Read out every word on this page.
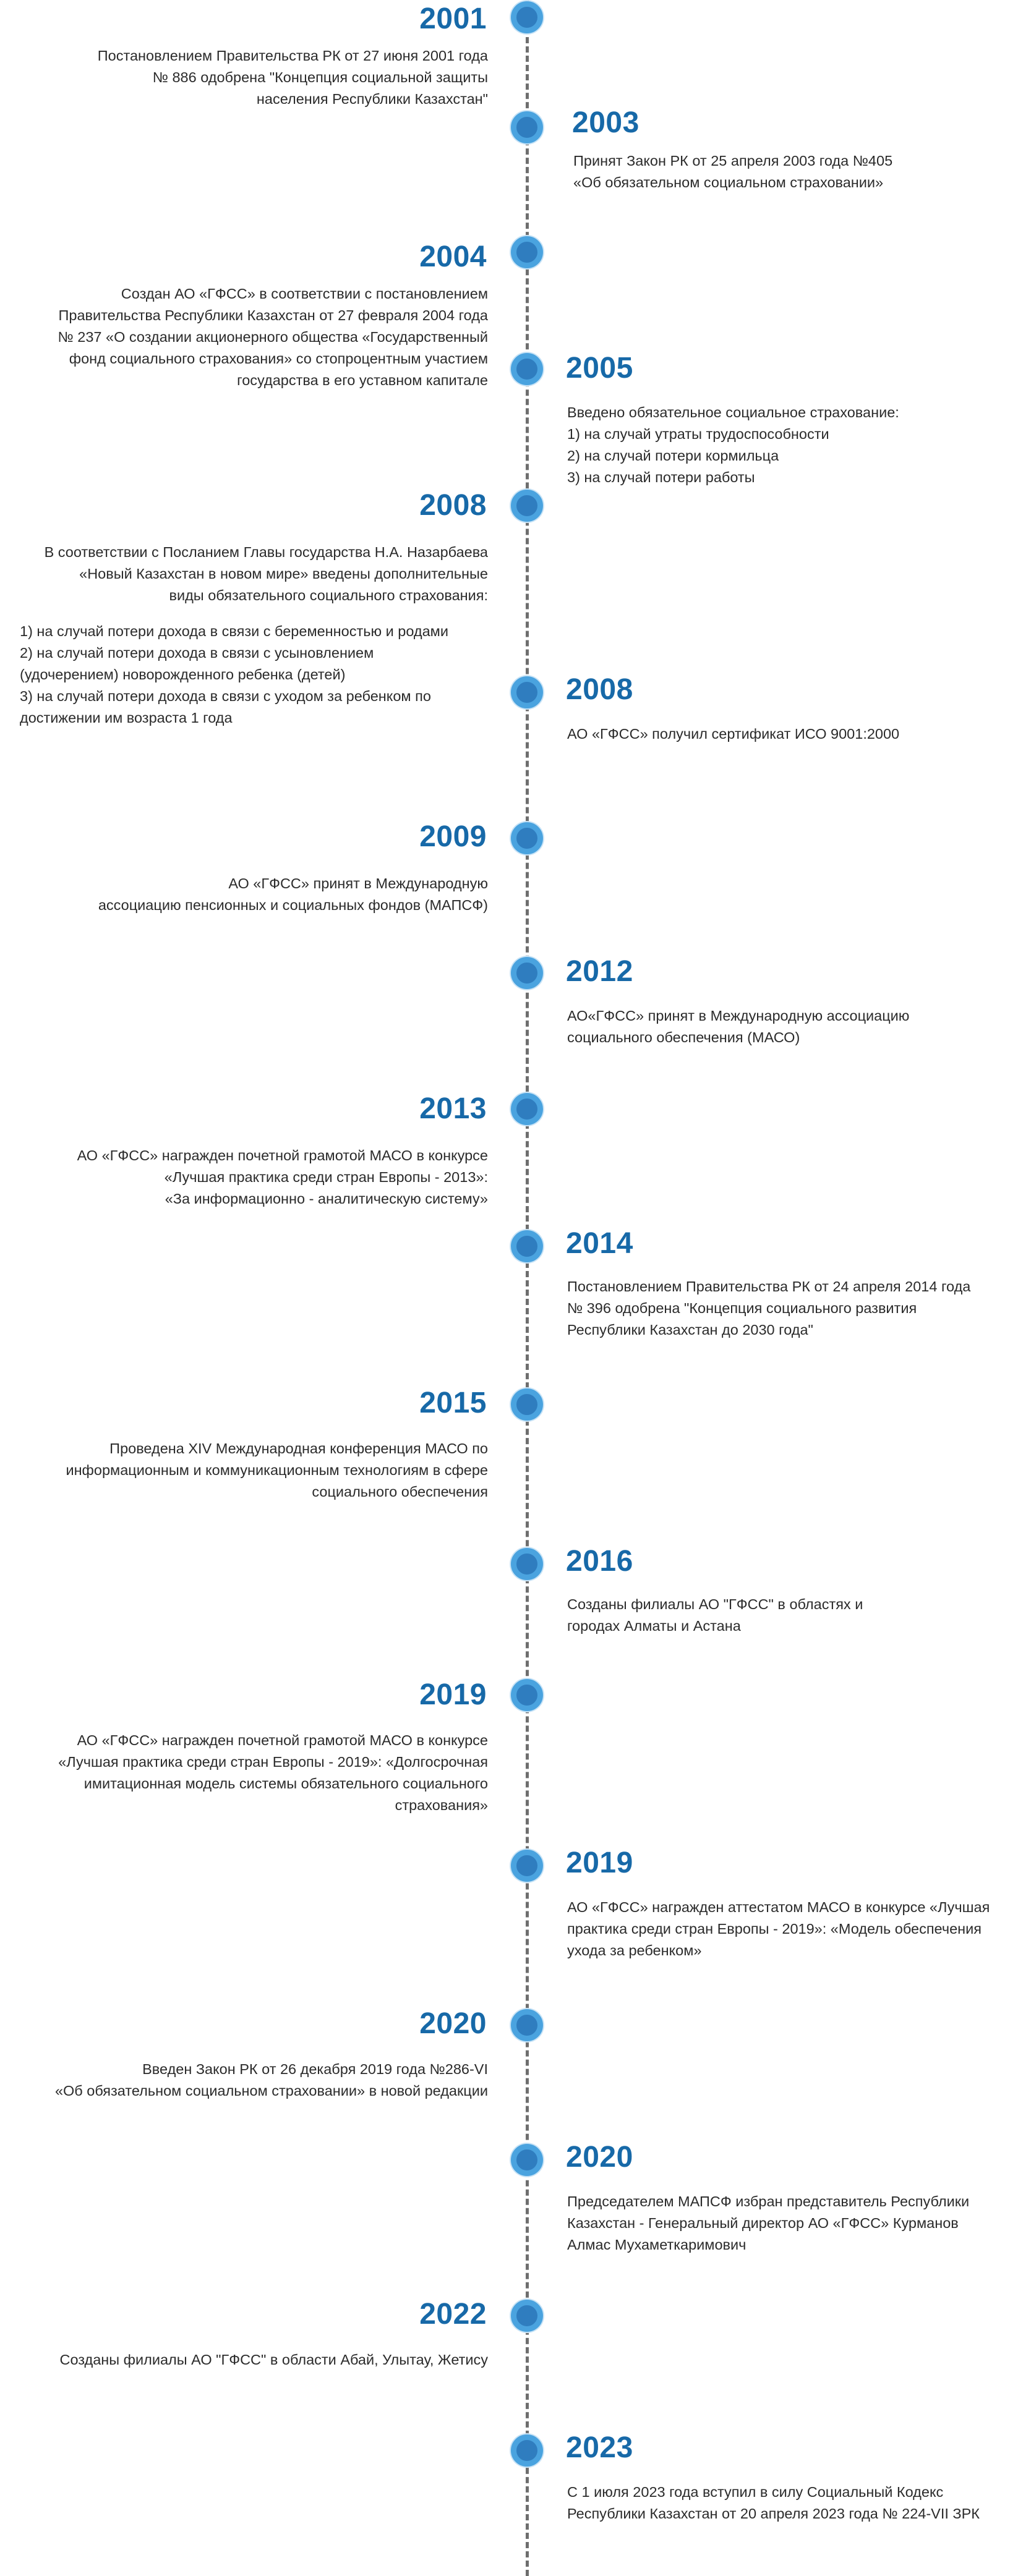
2001
Постановлением Правительства РК от 27 июня 2001 года
№ 886 одобрена "Концепция социальной защиты
населения Республики Казахстан"
2003
Принят Закон РК от 25 апреля 2003 года №405
«Об обязательном социальном страховании»
2004
Создан АО «ГФСС» в соответствии с постановлением
Правительства Республики Казахстан от 27 февраля 2004 года
№ 237 «О создании акционерного общества «Государственный
фонд социального страхования» со стопроцентным участием
государства в его уставном капитале	2005
Введено обязательное социальное страхование:
1) на случай утраты трудоспособности
2) на случай потери кормильца
3) на случай потери работы
2008
В соответствии с Посланием Главы государства Н.А. Назарбаева
«Новый Казахстан в новом мире» введены дополнительные
виды обязательного социального страхования:
1) на случай потери дохода в связи с беременностью и родами
2) на случай потери дохода в связи с усыновлением
(удочерением) новорожденного ребенка (детей)
3) на случай потери дохода в связи с уходом за ребенком по
достижении им возраста 1 года
2008
АО «ГФСС» получил сертификат ИСО 9001:2000
2009
АО «ГФСС» принят в Международную
ассоциацию пенсионных и социальных фондов (МАПСФ)
2012
АО«ГФСС» принят в Международную ассоциацию
социального обеспечения (МАСО)
2013
АО «ГФСС» награжден почетной грамотой МАСО в конкурсе
«Лучшая практика среди стран Европы - 2013»:
«За информационно - аналитическую систему»
2014
Постановлением Правительства РК от 24 апреля 2014 года
№ 396 одобрена "Концепция социального развития
Республики Казахстан до 2030 года"
2015
Проведена XIV Международная конференция МАСО по
информационным и коммуникационным технологиям в сфере
социального обеспечения
2016
Созданы филиалы АО "ГФСС" в областях и
городах Алматы и Астана
2019
АО «ГФСС» награжден почетной грамотой МАСО в конкурсе
«Лучшая практика среди стран Европы - 2019»: «Долгосрочная
имитационная модель системы обязательного социального
страхования»
2019
АО «ГФСС» награжден аттестатом МАСО в конкурсе «Лучшая
практика среди стран Европы - 2019»: «Модель обеспечения
ухода за ребенком»
2020
Введен Закон РК от 26 декабря 2019 года №286-VI
«Об обязательном социальном страховании» в новой редакции
2020
Председателем МАПСФ избран представитель Республики
Казахстан - Генеральный директор АО «ГФСС» Курманов
Алмас Мухаметкаримович
2022
Созданы филиалы АО "ГФСС" в области Абай, Улытау, Жетису
2023
С 1 июля 2023 года вступил в силу Социальный Кодекс
Республики Казахстан от 20 апреля 2023 года № 224-VII ЗРК
